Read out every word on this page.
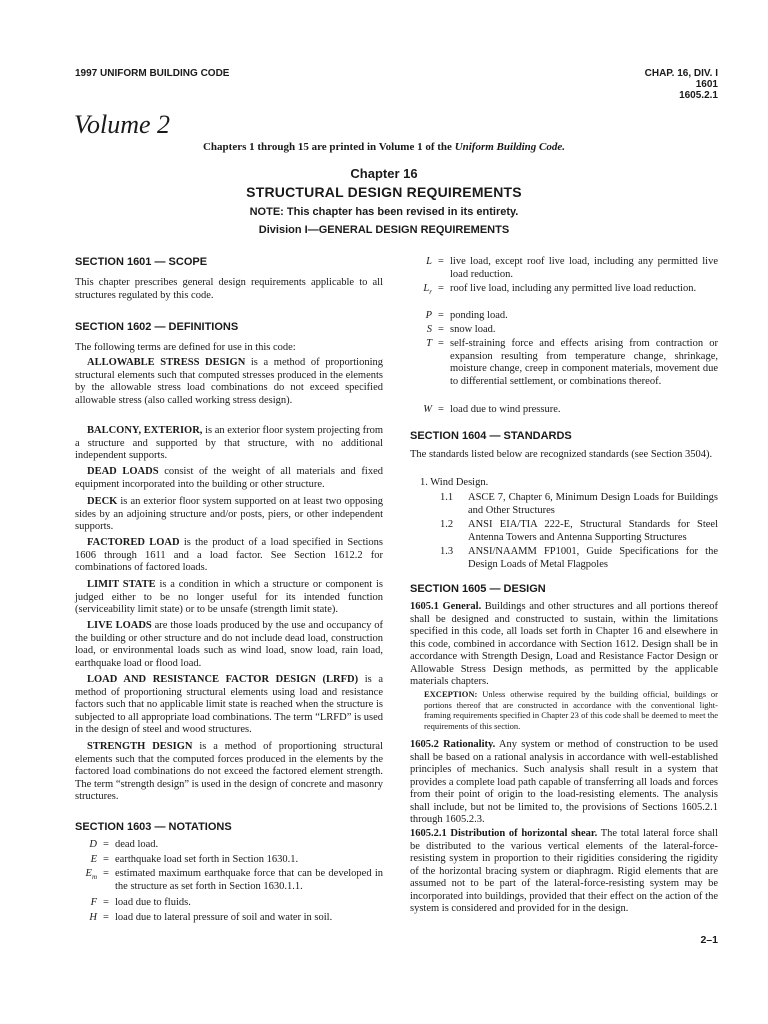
1997 UNIFORM BUILDING CODE	CHAP. 16, DIV. I
1601
1605.2.1
Volume 2
Chapters 1 through 15 are printed in Volume 1 of the Uniform Building Code.
Chapter 16
STRUCTURAL DESIGN REQUIREMENTS
NOTE: This chapter has been revised in its entirety.
Division I—GENERAL DESIGN REQUIREMENTS
SECTION 1601 — SCOPE

This chapter prescribes general design requirements applicable to all structures regulated by this code.

SECTION 1602 — DEFINITIONS

The following terms are defined for use in this code:

ALLOWABLE STRESS DESIGN is a method of proportioning structural elements such that computed stresses produced in the elements by the allowable stress load combinations do not exceed specified allowable stress (also called working stress design).

BALCONY, EXTERIOR, is an exterior floor system projecting from a structure and supported by that structure, with no additional independent supports.

DEAD LOADS consist of the weight of all materials and fixed equipment incorporated into the building or other structure.

DECK is an exterior floor system supported on at least two opposing sides by an adjoining structure and/or posts, piers, or other independent supports.

FACTORED LOAD is the product of a load specified in Sections 1606 through 1611 and a load factor. See Section 1612.2 for combinations of factored loads.

LIMIT STATE is a condition in which a structure or component is judged either to be no longer useful for its intended function (serviceability limit state) or to be unsafe (strength limit state).

LIVE LOADS are those loads produced by the use and occupancy of the building or other structure and do not include dead load, construction load, or environmental loads such as wind load, snow load, rain load, earthquake load or flood load.

LOAD AND RESISTANCE FACTOR DESIGN (LRFD) is a method of proportioning structural elements using load and resistance factors such that no applicable limit state is reached when the structure is subjected to all appropriate load combinations. The term “LRFD” is used in the design of steel and wood structures.

STRENGTH DESIGN is a method of proportioning structural elements such that the computed forces produced in the elements by the factored load combinations do not exceed the factored element strength. The term “strength design” is used in the design of concrete and masonry structures.

SECTION 1603 — NOTATIONS
D = dead load.
E = earthquake load set forth in Section 1630.1.
$E_m$ = estimated maximum earthquake force that can be developed in the structure as set forth in Section 1630.1.1.
F = load due to fluids.
H = load due to lateral pressure of soil and water in soil.
L = live load, except roof live load, including any permitted live load reduction.
$L_r$ = roof live load, including any permitted live load reduction.
P = ponding load.
S = snow load.
T = self-straining force and effects arising from contraction or expansion resulting from temperature change, shrinkage, moisture change, creep in component materials, movement due to differential settlement, or combinations thereof.
W = load due to wind pressure.
SECTION 1604 — STANDARDS

The standards listed below are recognized standards (see Section 3504).

1. Wind Design.
1.1 ASCE 7, Chapter 6, Minimum Design Loads for Buildings and Other Structures
1.2 ANSI EIA/TIA 222-E, Structural Standards for Steel Antenna Towers and Antenna Supporting Structures
1.3 ANSI/NAAMM FP1001, Guide Specifications for the Design Loads of Metal Flagpoles
SECTION 1605 — DESIGN

1605.1 General. Buildings and other structures and all portions thereof shall be designed and constructed to sustain, within the limitations specified in this code, all loads set forth in Chapter 16 and elsewhere in this code, combined in accordance with Section 1612. Design shall be in accordance with Strength Design, Load and Resistance Factor Design or Allowable Stress Design methods, as permitted by the applicable materials chapters.

EXCEPTION: Unless otherwise required by the building official, buildings or portions thereof that are constructed in accordance with the conventional light-framing requirements specified in Chapter 23 of this code shall be deemed to meet the requirements of this section.

1605.2 Rationality. Any system or method of construction to be used shall be based on a rational analysis in accordance with well-established principles of mechanics. Such analysis shall result in a system that provides a complete load path capable of transferring all loads and forces from their point of origin to the load-resisting elements. The analysis shall include, but not be limited to, the provisions of Sections 1605.2.1 through 1605.2.3.

1605.2.1 Distribution of horizontal shear. The total lateral force shall be distributed to the various vertical elements of the lateral-force-resisting system in proportion to their rigidities considering the rigidity of the horizontal bracing system or diaphragm. Rigid elements that are assumed not to be part of the lateral-force-resisting system may be incorporated into buildings, provided that their effect on the action of the system is considered and provided for in the design.

2–1
